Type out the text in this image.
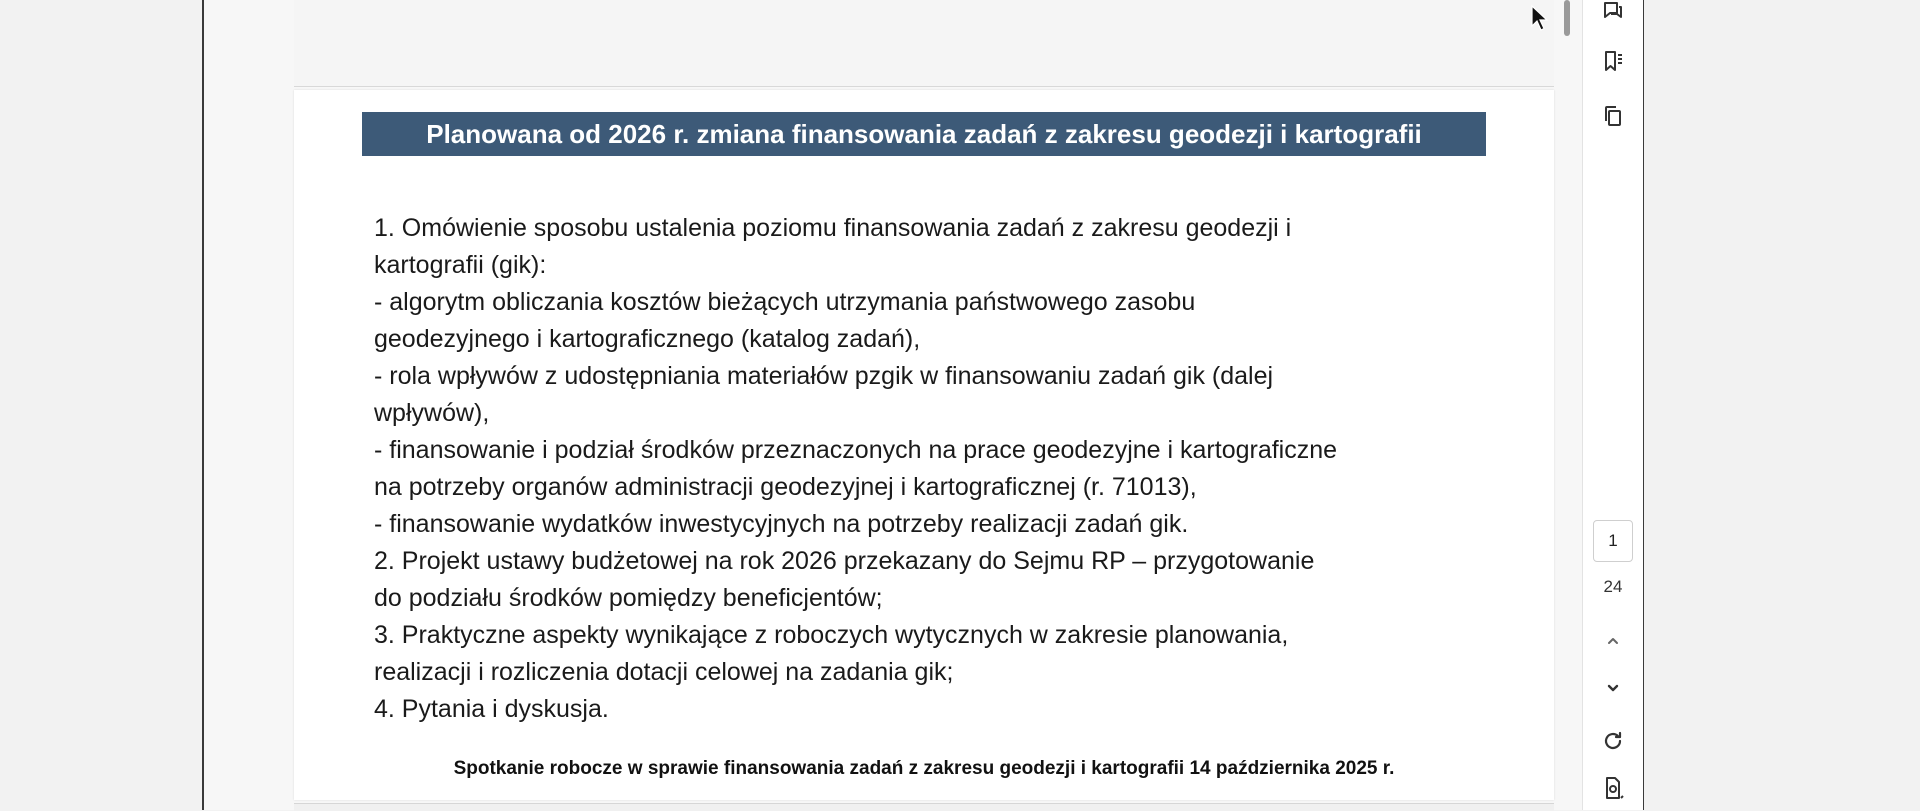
Planowana od 2026 r. zmiana finansowania zadań z zakresu geodezji i kartografii
1. Omówienie sposobu ustalenia poziomu finansowania zadań z zakresu geodezji i
kartografii (gik):
- algorytm obliczania kosztów bieżących utrzymania państwowego zasobu
geodezyjnego i kartograficznego (katalog zadań),
- rola wpływów z udostępniania materiałów pzgik w finansowaniu zadań gik (dalej
wpływów),
- finansowanie i podział środków przeznaczonych na prace geodezyjne i kartograficzne
na potrzeby organów administracji geodezyjnej i kartograficznej (r. 71013),
- finansowanie wydatków inwestycyjnych na potrzeby realizacji zadań gik.
2. Projekt ustawy budżetowej na rok 2026 przekazany do Sejmu RP – przygotowanie
do podziału środków pomiędzy beneficjentów;
3. Praktyczne aspekty wynikające z roboczych wytycznych w zakresie planowania,
realizacji i rozliczenia dotacji celowej na zadania gik;
4. Pytania i dyskusja.
Spotkanie robocze w sprawie finansowania zadań z zakresu geodezji i kartografii 14 października 2025 r.
1
24
